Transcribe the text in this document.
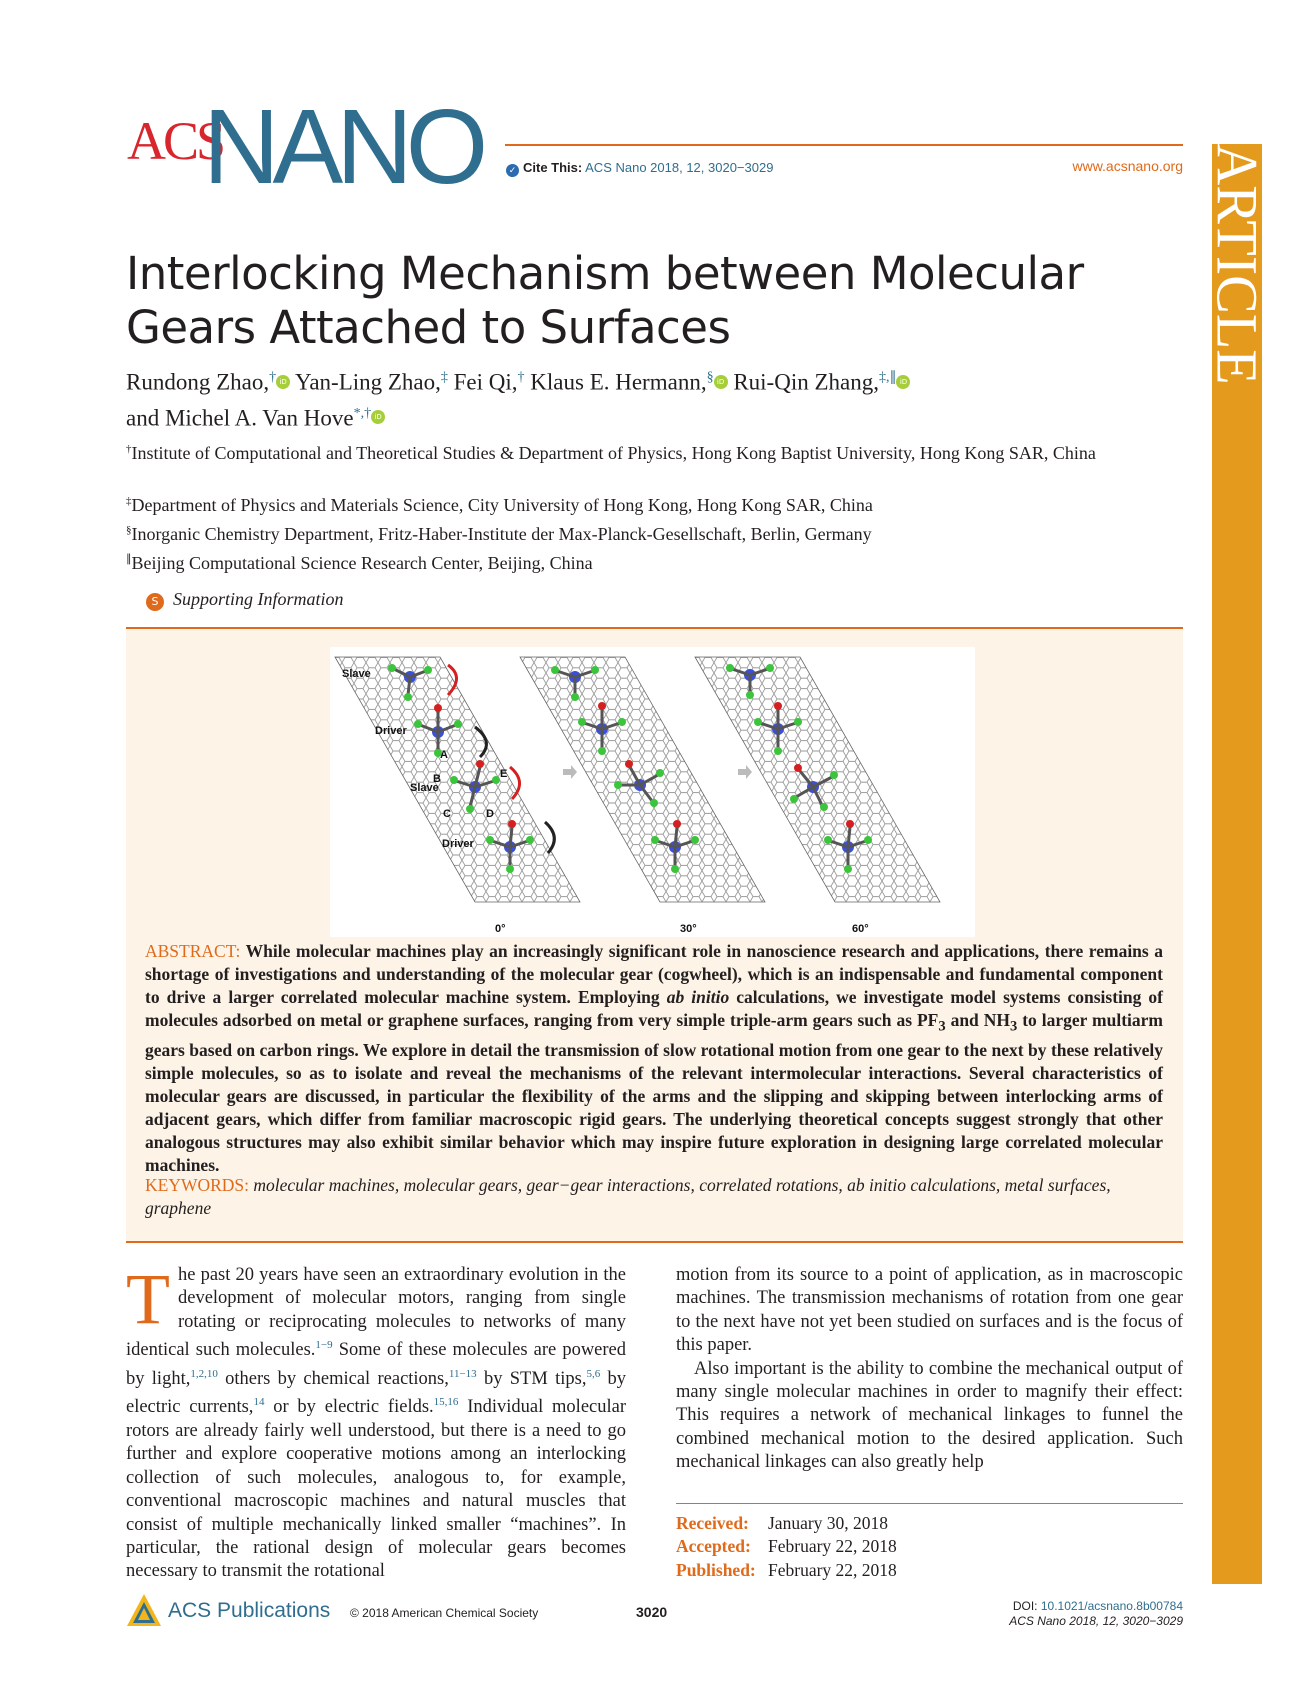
ACS
NANO	✓ Cite This: ACS Nano 2018, 12, 3020−3029	www.acsnano.org ARTICLE
Interlocking Mechanism between Molecular Gears Attached to Surfaces
Rundong Zhao,† iD Yan-Ling Zhao,‡ Fei Qi,† Klaus E. Hermann,§ iD Rui-Qin Zhang,‡,∥ iD
and Michel A. Van Hove*,† iD
†Institute of Computational and Theoretical Studies & Department of Physics, Hong Kong Baptist University, Hong Kong SAR, China
‡Department of Physics and Materials Science, City University of Hong Kong, Hong Kong SAR, China
§Inorganic Chemistry Department, Fritz-Haber-Institute der Max-Planck-Gesellschaft, Berlin, Germany
∥Beijing Computational Science Research Center, Beijing, China
S Supporting Information
Slave
Driver
Slave
Driver
A
B
C	D
E
0°	30°	60°
ABSTRACT: While molecular machines play an increasingly significant role in nanoscience research and applications, there remains a shortage of investigations and understanding of the molecular gear (cogwheel), which is an indispensable and fundamental component to drive a larger correlated molecular machine system. Employing ab initio calculations, we investigate model systems consisting of molecules adsorbed on metal or graphene surfaces, ranging from very simple triple-arm gears such as $PF_3$ and $NH_3$ to larger multiarm gears based on carbon rings. We explore in detail the transmission of slow rotational motion from one gear to the next by these relatively simple molecules, so as to isolate and reveal the mechanisms of the relevant intermolecular interactions. Several characteristics of molecular gears are discussed, in particular the flexibility of the arms and the slipping and skipping between interlocking arms of adjacent gears, which differ from familiar macroscopic rigid gears. The underlying theoretical concepts suggest strongly that other analogous structures may also exhibit similar behavior which may inspire future exploration in designing large correlated molecular machines.
KEYWORDS: molecular machines, molecular gears, gear−gear interactions, correlated rotations, ab initio calculations, metal surfaces, graphene
The past 20 years have seen an extraordinary evolution in the development of molecular motors, ranging from single rotating or reciprocating molecules to networks of many identical such molecules.$^{1-9}$ Some of these molecules are powered by light,$^{1,2,10}$ others by chemical reactions,$^{11-13}$ by STM tips,$^{5,6}$ by electric currents,$^{14}$ or by electric fields.$^{15,16}$ Individual molecular rotors are already fairly well understood, but there is a need to go further and explore cooperative motions among an interlocking collection of such molecules, analogous to, for example, conventional macroscopic machines and natural muscles that consist of multiple mechanically linked smaller “machines”. In particular, the rational design of molecular gears becomes necessary to transmit the rotational

motion from its source to a point of application, as in macroscopic machines. The transmission mechanisms of rotation from one gear to the next have not yet been studied on surfaces and is the focus of this paper.

Also important is the ability to combine the mechanical output of many single molecular machines in order to magnify their effect: This requires a network of mechanical linkages to funnel the combined mechanical motion to the desired application. Such mechanical linkages can also greatly help

Received:	January 30, 2018
Accepted: February 22, 2018
Published: February 22, 2018
ACS Publications © 2018 American Chemical Society	3020	DOI: 10.1021/acsnano.8b00784
ACS Nano 2018, 12, 3020−3029
